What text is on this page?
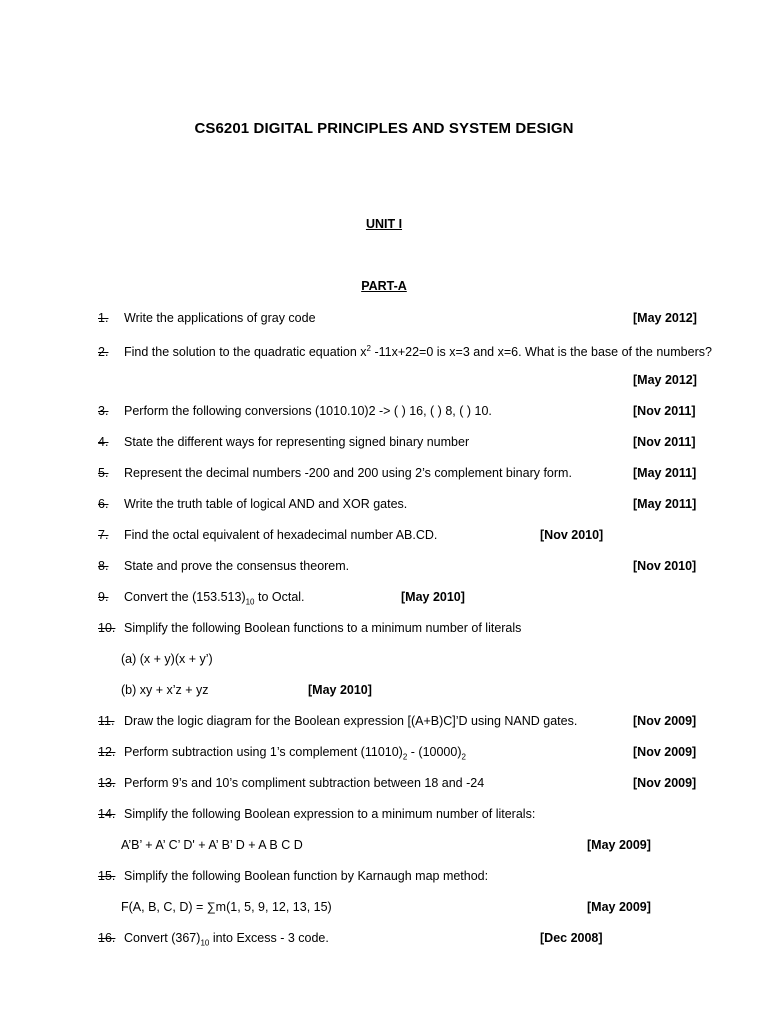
CS6201 DIGITAL PRINCIPLES AND SYSTEM DESIGN
UNIT I
PART-A
1. Write the applications of gray code	[May 2012]
2. Find the solution to the quadratic equation $x^2$ -11x+22=0 is x=3 and x=6. What is the base of the numbers?
[May 2012]
3. Perform the following conversions (1010.10)2 -> ( ) 16, ( ) 8, ( ) 10.	[Nov 2011]
4. State the different ways for representing signed binary number	[Nov 2011]
5. Represent the decimal numbers -200 and 200 using 2’s complement binary form.	[May 2011]
6. Write the truth table of logical AND and XOR gates.	[May 2011]
7. Find the octal equivalent of hexadecimal number AB.CD.	[Nov 2010]
8. State and prove the consensus theorem.	[Nov 2010]
9. Convert the $(153.513)_{10}$ to Octal.	[May 2010]
10. Simplify the following Boolean functions to a minimum number of literals
(a) (x + y)(x + y’)
(b) xy + x’z + yz	[May 2010]
11. Draw the logic diagram for the Boolean expression [(A+B)C]’D using NAND gates.	[Nov 2009]
12. Perform subtraction using 1’s complement $(11010)_2 - (10000)_2$	[Nov 2009]
13. Perform 9’s and 10’s compliment subtraction between 18 and -24	[Nov 2009]
14. Simplify the following Boolean expression to a minimum number of literals:
A’B’ + A’ C’ D' + A’ B’ D + A B C D	[May 2009]
15. Simplify the following Boolean function by Karnaugh map method:
F(A, B, C, D) = ∑m(1, 5, 9, 12, 13, 15)	[May 2009]
16. Convert $(367)_{10}$ into Excess - 3 code.	[Dec 2008]
